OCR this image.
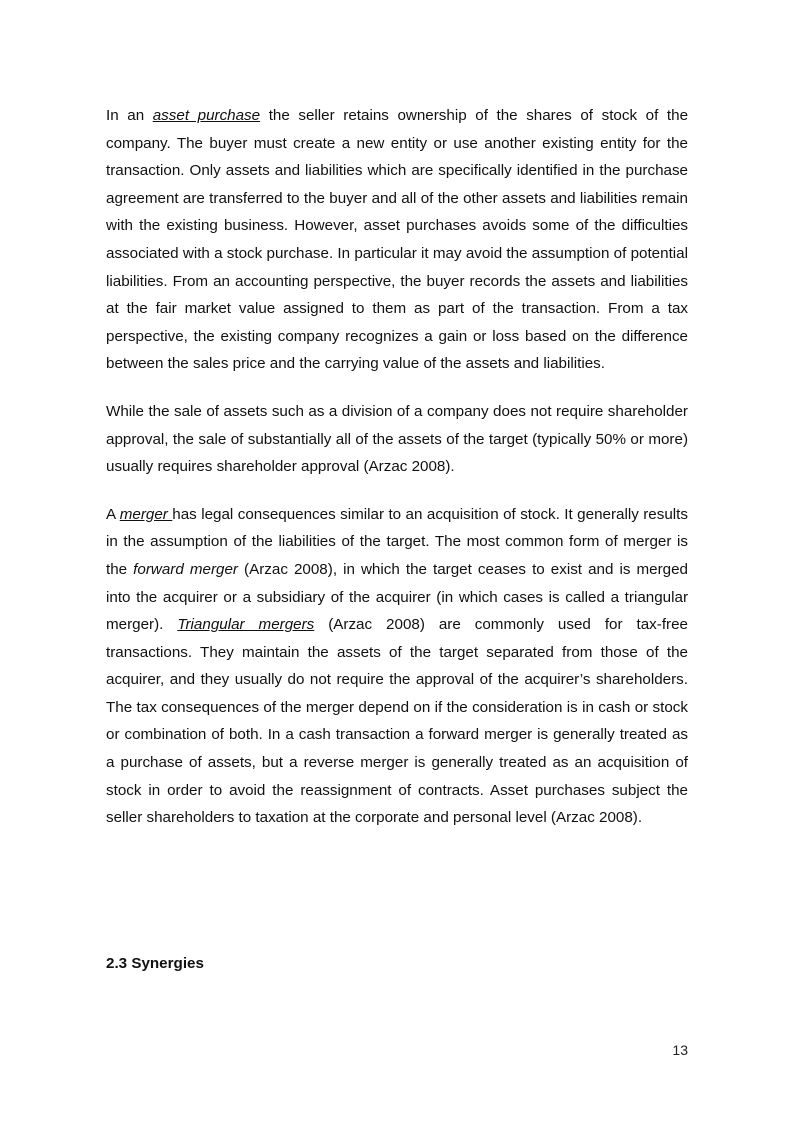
In an asset purchase the seller retains ownership of the shares of stock of the company. The buyer must create a new entity or use another existing entity for the transaction. Only assets and liabilities which are specifically identified in the purchase agreement are transferred to the buyer and all of the other assets and liabilities remain with the existing business. However, asset purchases avoids some of the difficulties associated with a stock purchase. In particular it may avoid the assumption of potential liabilities. From an accounting perspective, the buyer records the assets and liabilities at the fair market value assigned to them as part of the transaction. From a tax perspective, the existing company recognizes a gain or loss based on the difference between the sales price and the carrying value of the assets and liabilities.

While the sale of assets such as a division of a company does not require shareholder approval, the sale of substantially all of the assets of the target (typically 50% or more) usually requires shareholder approval (Arzac 2008).

A merger has legal consequences similar to an acquisition of stock. It generally results in the assumption of the liabilities of the target. The most common form of merger is the forward merger (Arzac 2008), in which the target ceases to exist and is merged into the acquirer or a subsidiary of the acquirer (in which cases is called a triangular merger). Triangular mergers (Arzac 2008) are commonly used for tax-free transactions. They maintain the assets of the target separated from those of the acquirer, and they usually do not require the approval of the acquirer’s shareholders. The tax consequences of the merger depend on if the consideration is in cash or stock or combination of both. In a cash transaction a forward merger is generally treated as a purchase of assets, but a reverse merger is generally treated as an acquisition of stock in order to avoid the reassignment of contracts. Asset purchases subject the seller shareholders to taxation at the corporate and personal level (Arzac 2008).

2.3 Synergies
13
